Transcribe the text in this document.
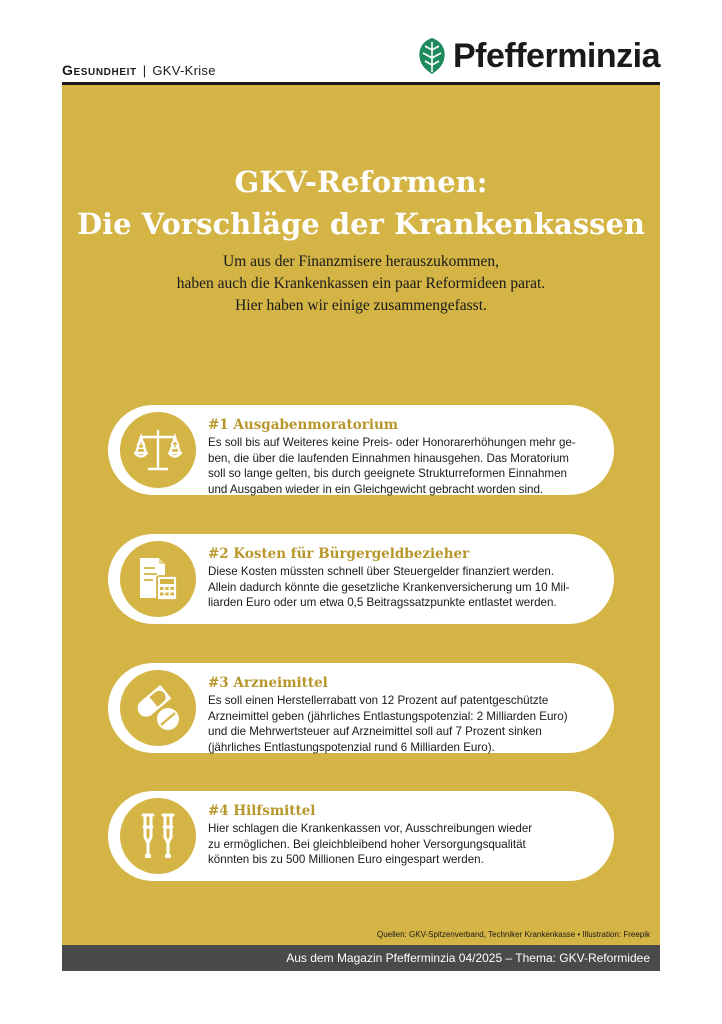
Gesundheit | GKV-Krise	Pfefferminzia
GKV-Reformen:
Die Vorschläge der Krankenkassen
Um aus der Finanzmisere herauszukommen,
haben auch die Krankenkassen ein paar Reformideen parat.
Hier haben wir einige zusammengefasst.
#1 Ausgabenmoratorium

Es soll bis auf Weiteres keine Preis- oder Honorarerhöhungen mehr ge-
ben, die über die laufenden Einnahmen hinausgehen. Das Moratorium
soll so lange gelten, bis durch geeignete Strukturreformen Einnahmen
und Ausgaben wieder in ein Gleichgewicht gebracht worden sind.

#2 Kosten für Bürgergeldbezieher

Diese Kosten müssten schnell über Steuergelder finanziert werden.
Allein dadurch könnte die gesetzliche Krankenversicherung um 10 Mil-
liarden Euro oder um etwa 0,5 Beitragssatzpunkte entlastet werden.

#3 Arzneimittel

Es soll einen Herstellerrabatt von 12 Prozent auf patentgeschützte
Arzneimittel geben (jährliches Entlastungspotenzial: 2 Milliarden Euro)
und die Mehrwertsteuer auf Arzneimittel soll auf 7 Prozent sinken
(jährliches Entlastungspotenzial rund 6 Milliarden Euro).

#4 Hilfsmittel

Hier schlagen die Krankenkassen vor, Ausschreibungen wieder
zu ermöglichen. Bei gleichbleibend hoher Versorgungsqualität
könnten bis zu 500 Millionen Euro eingespart werden.

Quellen: GKV-Spitzenverband, Techniker Krankenkasse • Illustration: Freepik
Aus dem Magazin Pfefferminzia 04/2025 – Thema: GKV-Reformidee
